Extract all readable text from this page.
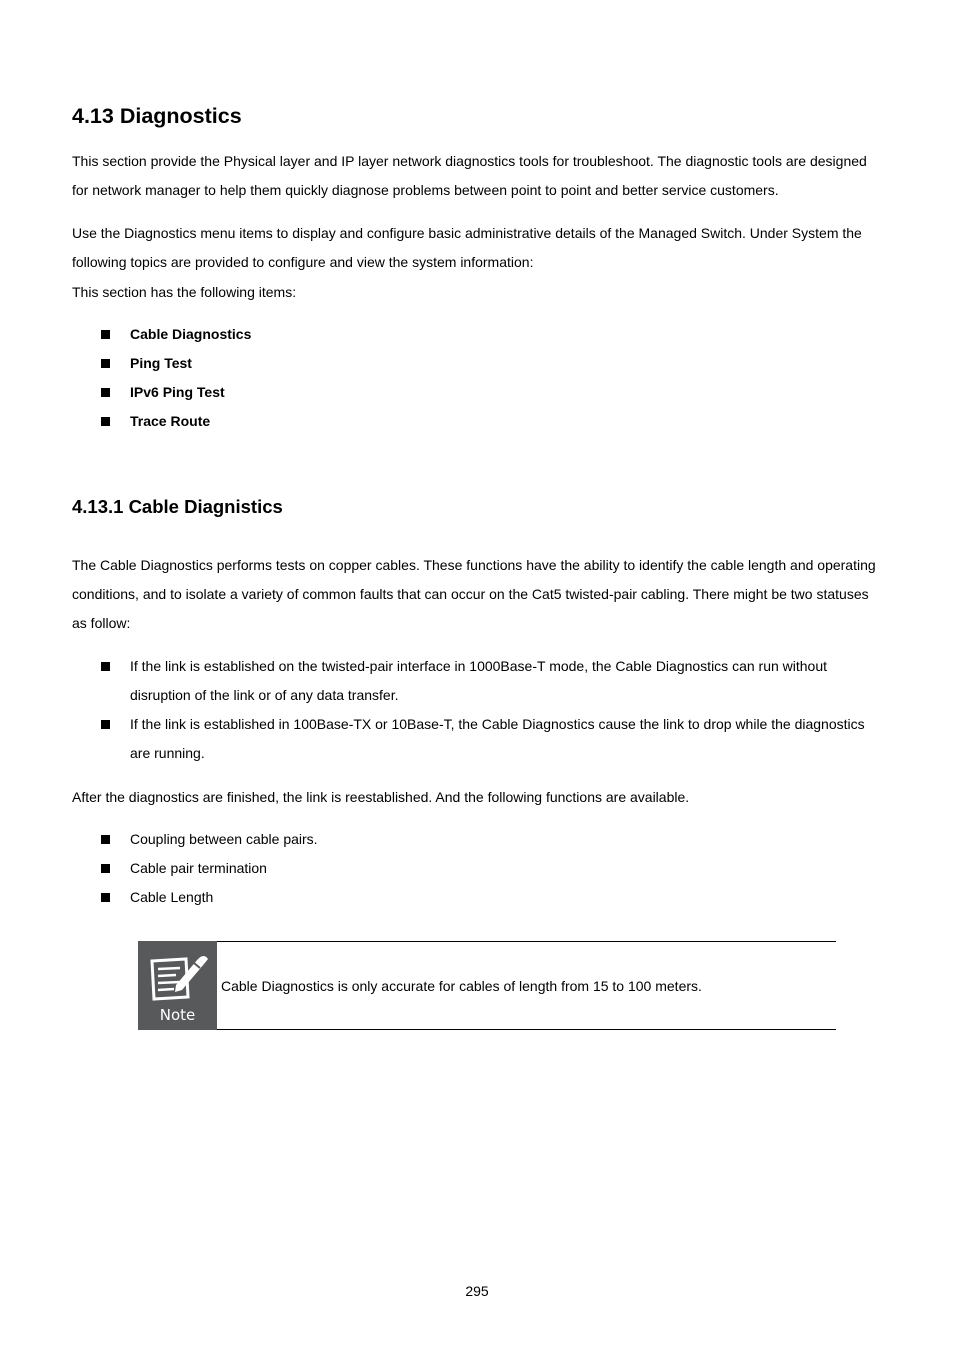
4.13 Diagnostics

This section provide the Physical layer and IP layer network diagnostics tools for troubleshoot. The diagnostic tools are designed for network manager to help them quickly diagnose problems between point to point and better service customers.

Use the Diagnostics menu items to display and configure basic administrative details of the Managed Switch. Under System the following topics are provided to configure and view the system information:

This section has the following items:

Cable Diagnostics
Ping Test
IPv6 Ping Test
Trace Route
4.13.1 Cable Diagnistics

The Cable Diagnostics performs tests on copper cables. These functions have the ability to identify the cable length and operating conditions, and to isolate a variety of common faults that can occur on the Cat5 twisted-pair cabling. There might be two statuses as follow:

If the link is established on the twisted-pair interface in 1000Base-T mode, the Cable Diagnostics can run without disruption of the link or of any data transfer.
If the link is established in 100Base-TX or 10Base-T, the Cable Diagnostics cause the link to drop while the diagnostics are running.

After the diagnostics are finished, the link is reestablished. And the following functions are available.

Coupling between cable pairs.
Cable pair termination
Cable Length
Note
Cable Diagnostics is only accurate for cables of length from 15 to 100 meters.
295
